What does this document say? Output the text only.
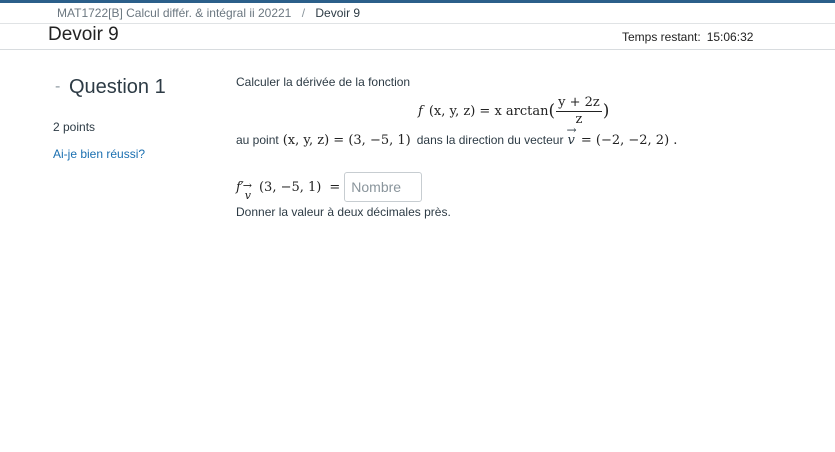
MAT1722[B] Calcul différ. & intégral ii 20221 / Devoir 9
Devoir 9	Temps restant: 15:06:32
- Question 1
2 points
Ai-je bien réussi?
Calculer la dérivée de la fonction
f (x, y, z) = x arctan ( $\frac{y + 2z}{z}$ )
au point (x, y, z) = (3, −5, 1) dans la direction du vecteur
→
v = (−2, −2, 2) .
f′ →
v
(3, −5, 1) =
Nombre
Donner la valeur à deux décimales près.
